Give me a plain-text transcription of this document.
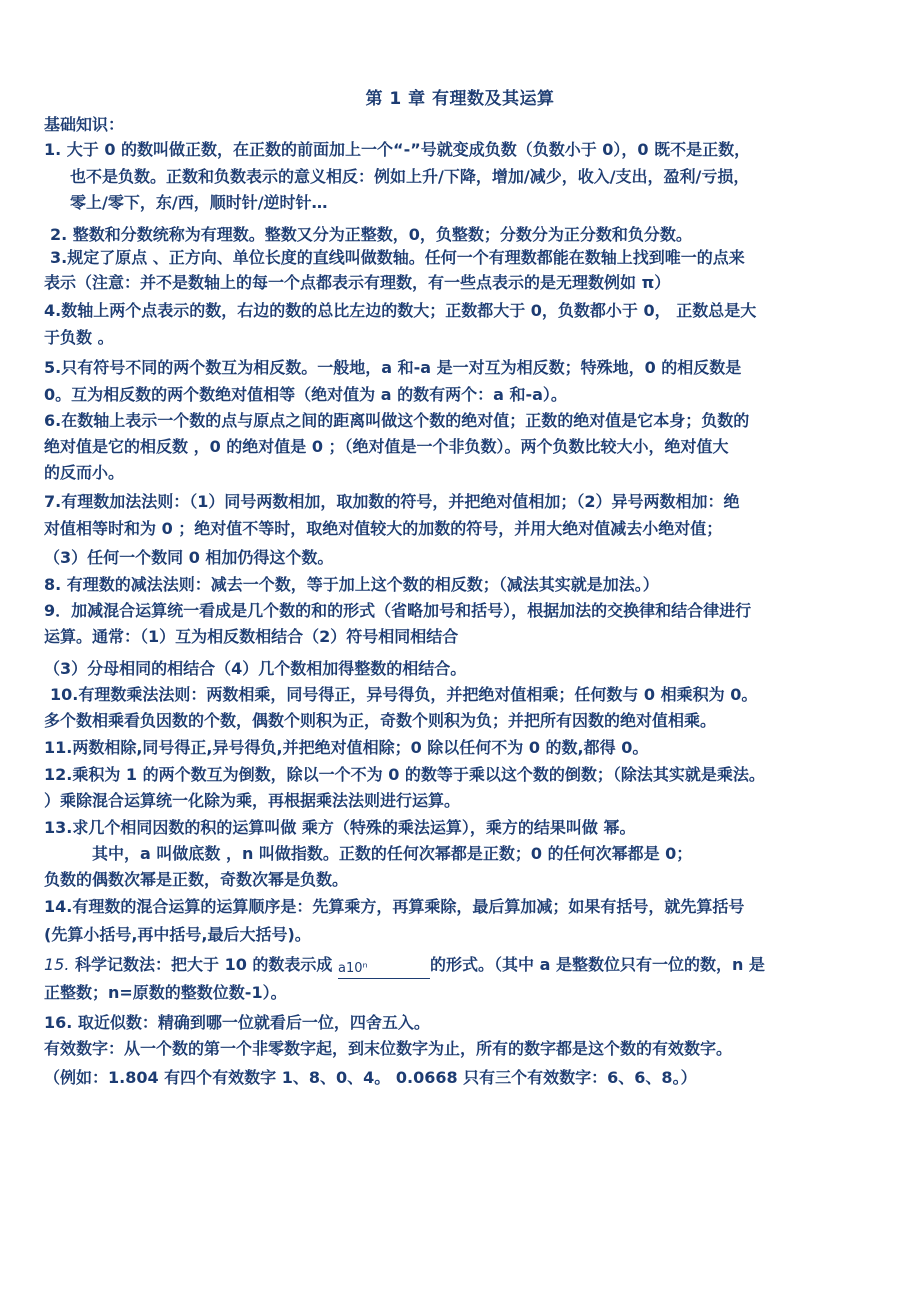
第 1 章 有理数及其运算
基础知识：
1. 大于 0 的数叫做正数，在正数的前面加上一个“-”号就变成负数（负数小于 0），0 既不是正数，
也不是负数。正数和负数表示的意义相反：例如上升/下降，增加/减少，收入/支出，盈利/亏损，
零上/零下，东/西，顺时针/逆时针…
2. 整数和分数统称为有理数。整数又分为正整数，0，负整数；分数分为正分数和负分数。
3.规定了原点 、正方向、单位长度的直线叫做数轴。任何一个有理数都能在数轴上找到唯一的点来
表示（注意：并不是数轴上的每一个点都表示有理数，有一些点表示的是无理数例如 π）
4.数轴上两个点表示的数，右边的数的总比左边的数大；正数都大于 0，负数都小于 0， 正数总是大
于负数 。
5.只有符号不同的两个数互为相反数。一般地，a 和-a 是一对互为相反数；特殊地，0 的相反数是
0。互为相反数的两个数绝对值相等（绝对值为 a 的数有两个：a 和-a）。
6.在数轴上表示一个数的点与原点之间的距离叫做这个数的绝对值；正数的绝对值是它本身；负数的
绝对值是它的相反数 ，0 的绝对值是 0 ；（绝对值是一个非负数）。两个负数比较大小，绝对值大
的反而小。
7.有理数加法法则：（1）同号两数相加，取加数的符号，并把绝对值相加；（2）异号两数相加：绝
对值相等时和为 0 ；绝对值不等时，取绝对值较大的加数的符号，并用大绝对值减去小绝对值；
（3）任何一个数同 0 相加仍得这个数。
8. 有理数的减法法则：减去一个数，等于加上这个数的相反数；（减法其实就是加法。）
9．加减混合运算统一看成是几个数的和的形式（省略加号和括号），根据加法的交换律和结合律进行
运算。通常：（1）互为相反数相结合（2）符号相同相结合
（3）分母相同的相结合（4）几个数相加得整数的相结合。
10.有理数乘法法则：两数相乘，同号得正，异号得负，并把绝对值相乘；任何数与 0 相乘积为 0。
多个数相乘看负因数的个数，偶数个则积为正，奇数个则积为负；并把所有因数的绝对值相乘。
11.两数相除,同号得正,异号得负,并把绝对值相除；0 除以任何不为 0 的数,都得 0。
12.乘积为 1 的两个数互为倒数，除以一个不为 0 的数等于乘以这个数的倒数；（除法其实就是乘法。
）乘除混合运算统一化除为乘，再根据乘法法则进行运算。
13.求几个相同因数的积的运算叫做 乘方（特殊的乘法运算），乘方的结果叫做 幂。
其中，a 叫做底数 ，n 叫做指数。正数的任何次幂都是正数；0 的任何次幂都是 0；
负数的偶数次幂是正数，奇数次幂是负数。
14.有理数的混合运算的运算顺序是：先算乘方，再算乘除，最后算加减；如果有括号，就先算括号
(先算小括号,再中括号,最后大括号)。
15. 科学记数法：把大于 10 的数表示成 a10ⁿ	的形式。（其中 a 是整数位只有一位的数，n 是
正整数；n=原数的整数位数-1）。
16. 取近似数：精确到哪一位就看后一位，四舍五入。
有效数字：从一个数的第一个非零数字起，到末位数字为止，所有的数字都是这个数的有效数字。
（例如：1.804 有四个有效数字 1、8、0、4。 0.0668 只有三个有效数字：6、6、8。）
